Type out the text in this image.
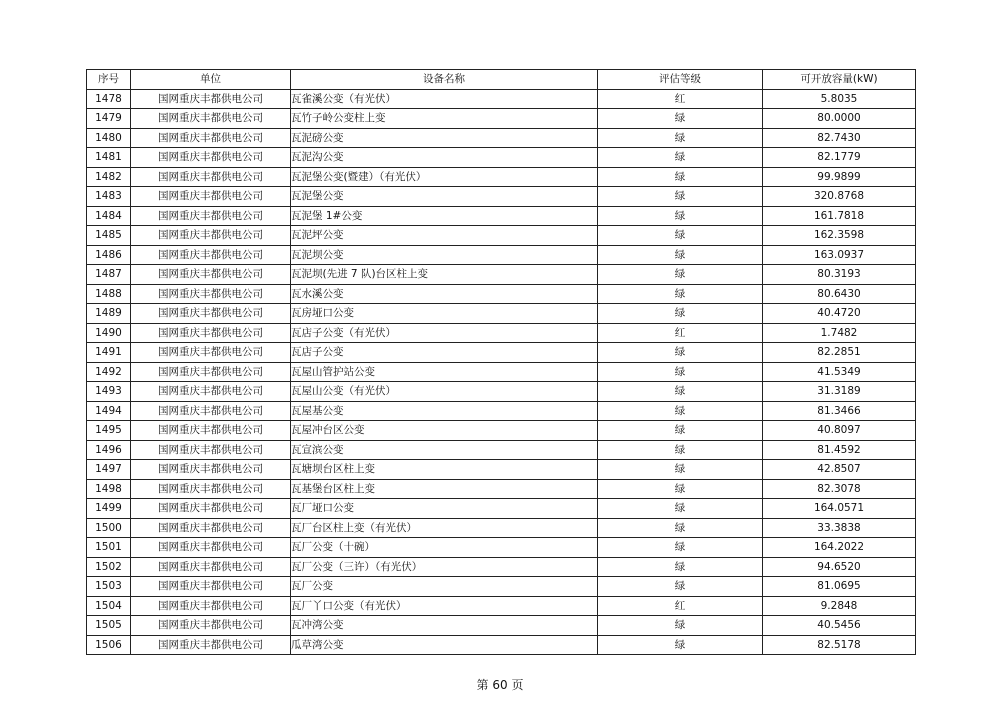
序号	单位	设备名称	评估等级	可开放容量(kW)
1478	国网重庆丰都供电公司	瓦雀溪公变（有光伏）	红	5.8035
1479	国网重庆丰都供电公司	瓦竹子岭公变柱上变	绿	80.0000
1480	国网重庆丰都供电公司	瓦泥磅公变	绿	82.7430
1481	国网重庆丰都供电公司	瓦泥沟公变	绿	82.1779
1482	国网重庆丰都供电公司	瓦泥堡公变(暨建）（有光伏）	绿	99.9899
1483	国网重庆丰都供电公司	瓦泥堡公变	绿	320.8768
1484	国网重庆丰都供电公司	瓦泥堡 1#公变	绿	161.7818
1485	国网重庆丰都供电公司	瓦泥坪公变	绿	162.3598
1486	国网重庆丰都供电公司	瓦泥坝公变	绿	163.0937
1487	国网重庆丰都供电公司	瓦泥坝(先进 7 队)台区柱上变	绿	80.3193
1488	国网重庆丰都供电公司	瓦水溪公变	绿	80.6430
1489	国网重庆丰都供电公司	瓦房垭口公变	绿	40.4720
1490	国网重庆丰都供电公司	瓦店子公变（有光伏）	红	1.7482
1491	国网重庆丰都供电公司	瓦店子公变	绿	82.2851
1492	国网重庆丰都供电公司	瓦屋山管护站公变	绿	41.5349
1493	国网重庆丰都供电公司	瓦屋山公变（有光伏）	绿	31.3189
1494	国网重庆丰都供电公司	瓦屋基公变	绿	81.3466
1495	国网重庆丰都供电公司	瓦屋冲台区公变	绿	40.8097
1496	国网重庆丰都供电公司	瓦宣滨公变	绿	81.4592
1497	国网重庆丰都供电公司	瓦塘坝台区柱上变	绿	42.8507
1498	国网重庆丰都供电公司	瓦基堡台区柱上变	绿	82.3078
1499	国网重庆丰都供电公司	瓦厂垭口公变	绿	164.0571
1500	国网重庆丰都供电公司	瓦厂台区柱上变（有光伏）	绿	33.3838
1501	国网重庆丰都供电公司	瓦厂公变（十碗）	绿	164.2022
1502	国网重庆丰都供电公司	瓦厂公变（三许）（有光伏）	绿	94.6520
1503	国网重庆丰都供电公司	瓦厂公变	绿	81.0695
1504	国网重庆丰都供电公司	瓦厂丫口公变（有光伏）	红	9.2848
1505	国网重庆丰都供电公司	瓦冲湾公变	绿	40.5456
1506	国网重庆丰都供电公司	瓜草湾公变	绿	82.5178
第 60 页
